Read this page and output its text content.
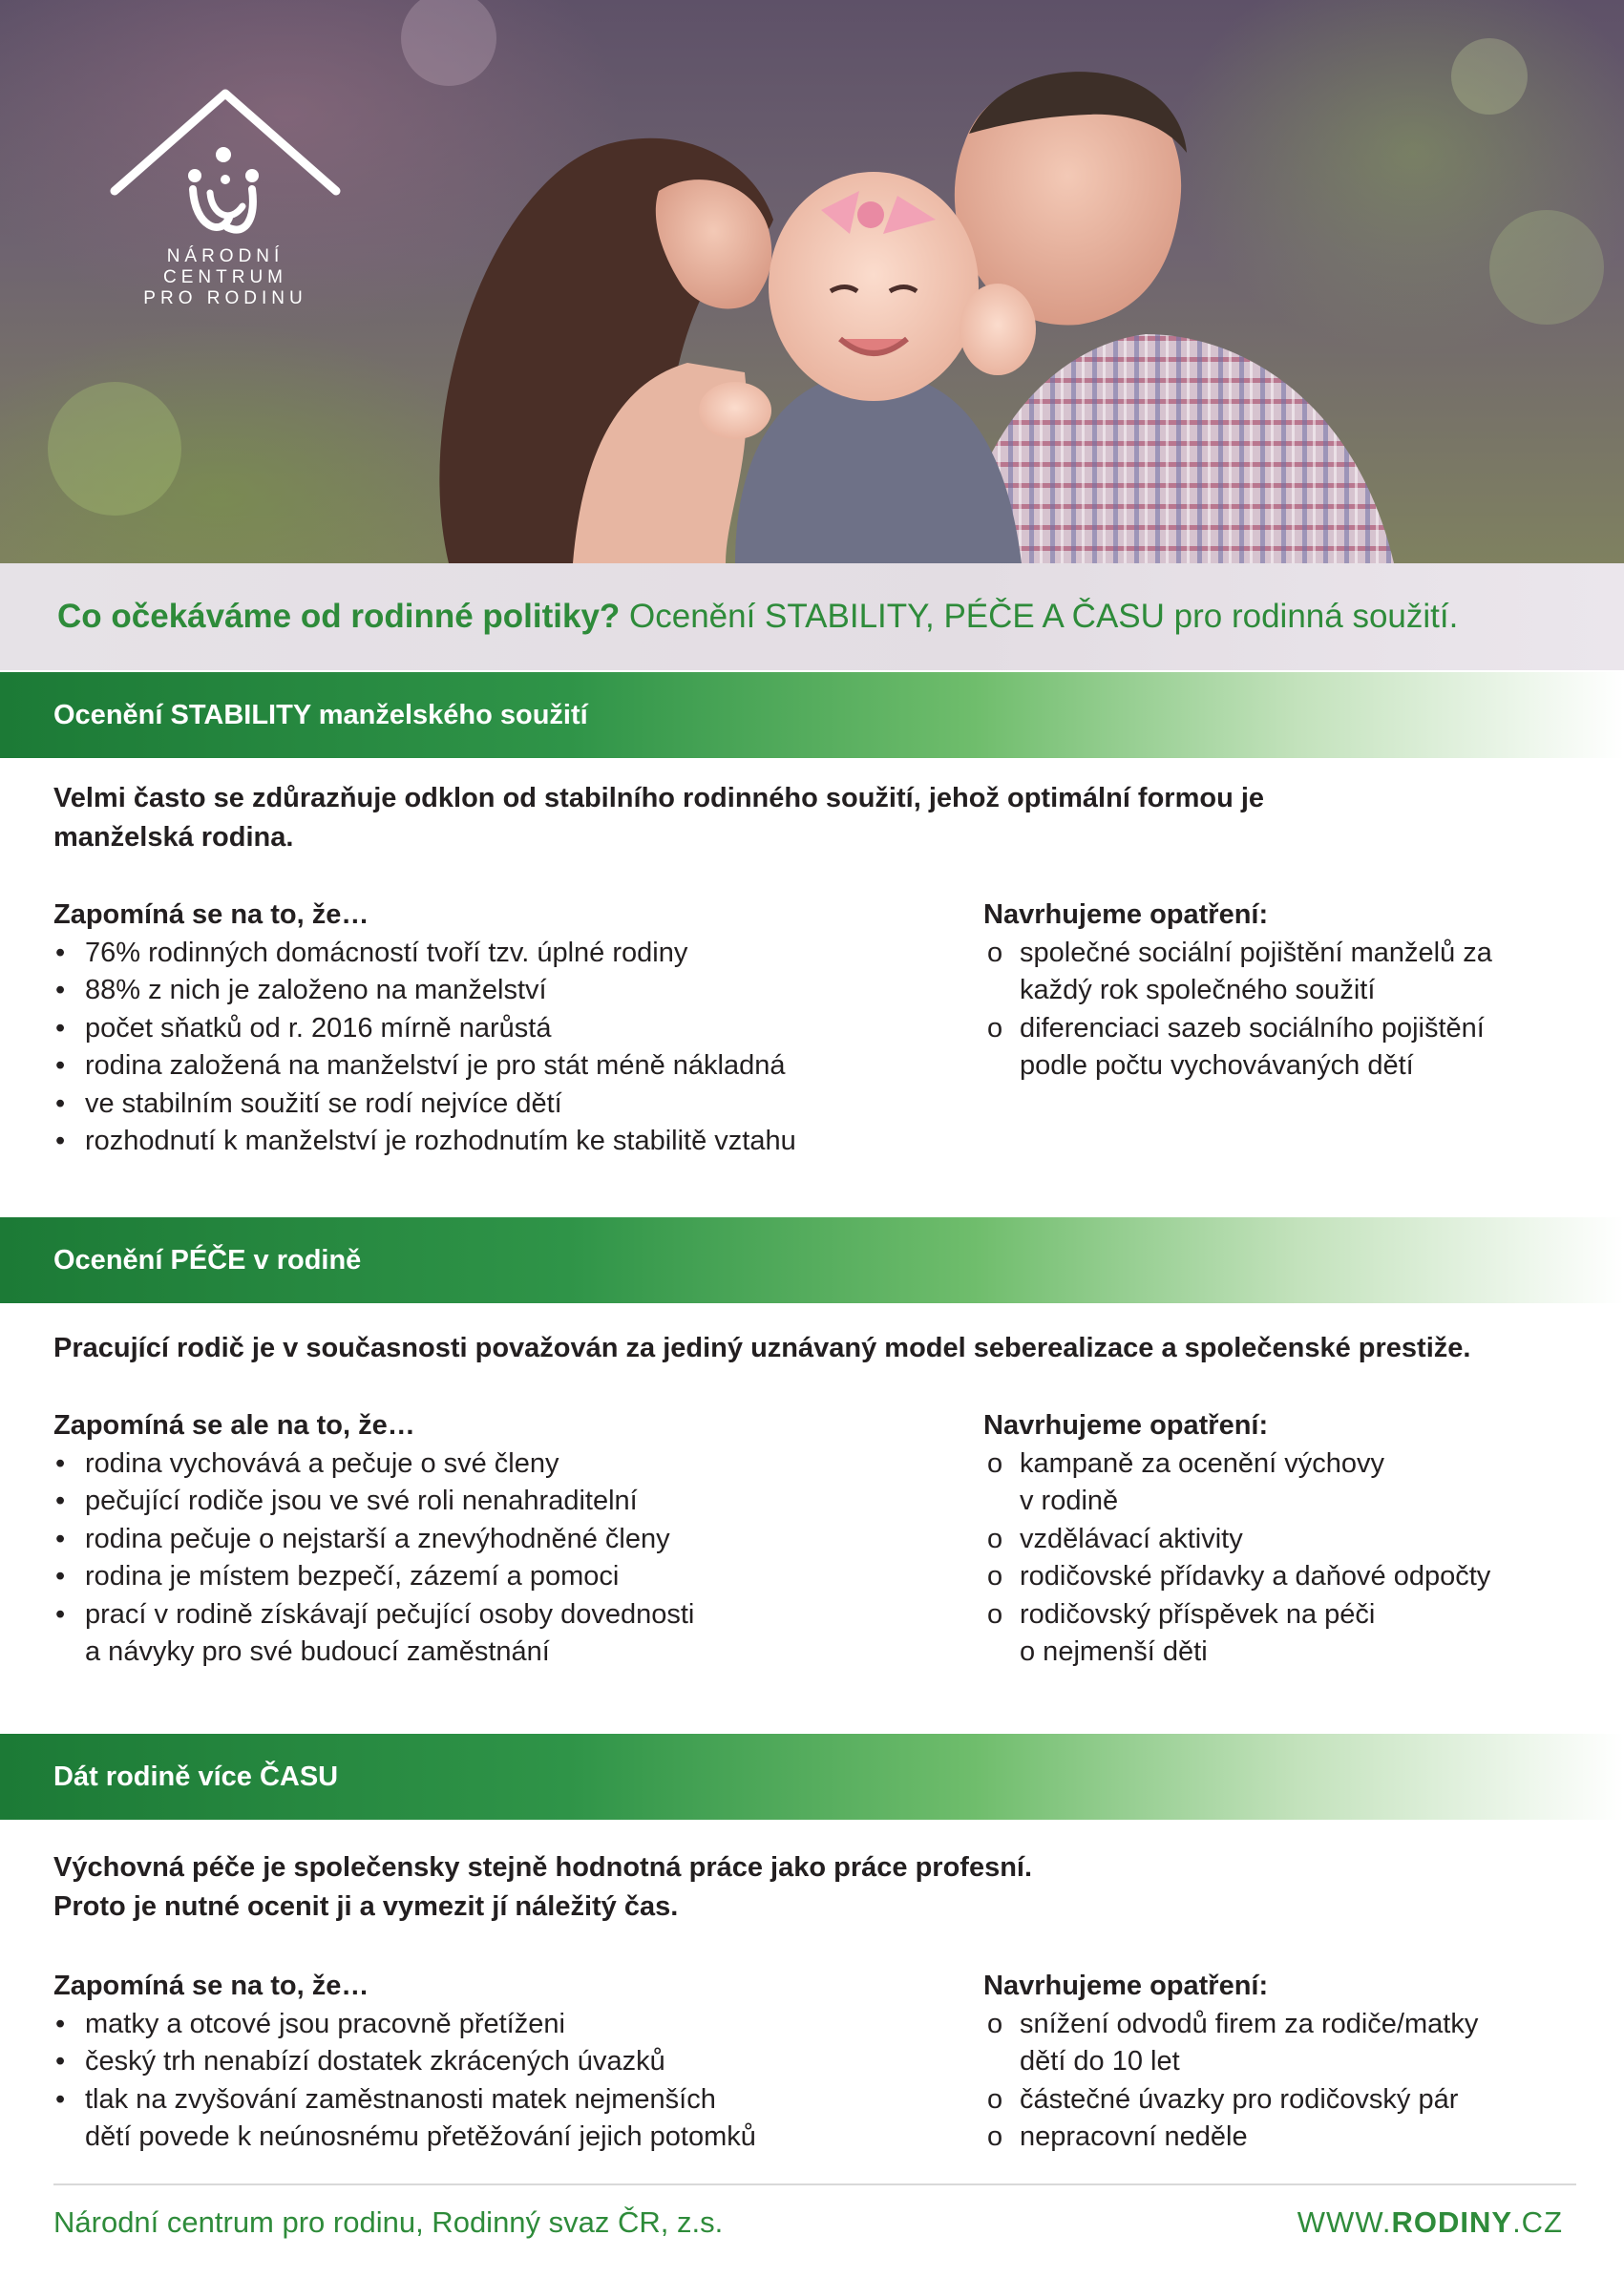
NÁRODNÍ
CENTRUM
PRO RODINU
Co očekáváme od rodinné politiky? Ocenění STABILITY, PÉČE A ČASU pro rodinná soužití.
Ocenění STABILITY manželského soužití
Velmi často se zdůrazňuje odklon od stabilního rodinného soužití, jehož optimální formou je
manželská rodina.
Zapomíná se na to, že…
• 76% rodinných domácností tvoří tzv. úplné rodiny
• 88% z nich je založeno na manželství
• počet sňatků od r. 2016 mírně narůstá
• rodina založená na manželství je pro stát méně nákladná
• ve stabilním soužití se rodí nejvíce dětí
• rozhodnutí k manželství je rozhodnutím ke stabilitě vztahu
Navrhujeme opatření:
o společné sociální pojištění manželů za
každý rok společného soužití
o diferenciaci sazeb sociálního pojištění
podle počtu vychovávaných dětí
Ocenění PÉČE v rodině
Pracující rodič je v současnosti považován za jediný uznávaný model seberealizace a společenské prestiže.
Zapomíná se ale na to, že…
• rodina vychovává a pečuje o své členy
• pečující rodiče jsou ve své roli nenahraditelní
• rodina pečuje o nejstarší a znevýhodněné členy
• rodina je místem bezpečí, zázemí a pomoci
• prací v rodině získávají pečující osoby dovednosti
a návyky pro své budoucí zaměstnání
Navrhujeme opatření:
o kampaně za ocenění výchovy
v rodině
o vzdělávací aktivity
o rodičovské přídavky a daňové odpočty
o rodičovský příspěvek na péči
o nejmenší děti
Dát rodině více ČASU
Výchovná péče je společensky stejně hodnotná práce jako práce profesní.
Proto je nutné ocenit ji a vymezit jí náležitý čas.
Zapomíná se na to, že…
• matky a otcové jsou pracovně přetíženi
• český trh nenabízí dostatek zkrácených úvazků
• tlak na zvyšování zaměstnanosti matek nejmenších
dětí povede k neúnosnému přetěžování jejich potomků
Navrhujeme opatření:
o snížení odvodů firem za rodiče/matky
dětí do 10 let
o částečné úvazky pro rodičovský pár
o nepracovní neděle
Národní centrum pro rodinu, Rodinný svaz ČR, z.s.	WWW.RODINY.CZ
